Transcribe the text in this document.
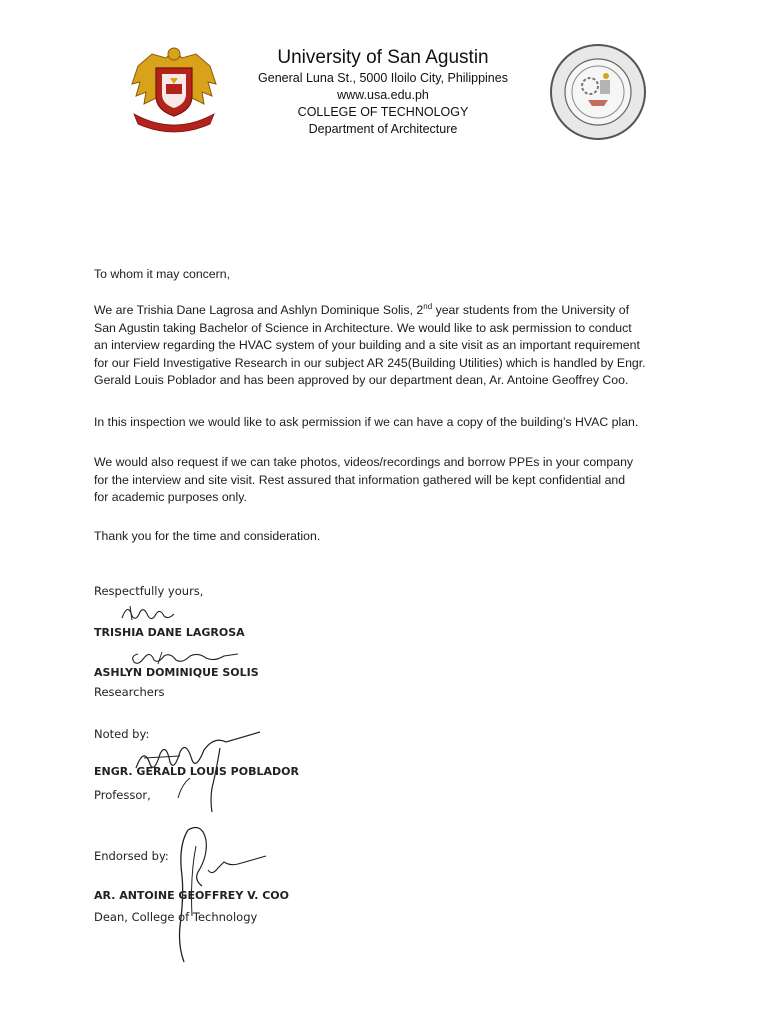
University of San Agustin
General Luna St., 5000 Iloilo City, Philippines
www.usa.edu.ph
COLLEGE OF TECHNOLOGY
Department of Architecture
To whom it may concern,
We are Trishia Dane Lagrosa and Ashlyn Dominique Solis, 2nd year students from the University of
San Agustin taking Bachelor of Science in Architecture. We would like to ask permission to conduct
an interview regarding the HVAC system of your building and a site visit as an important requirement
for our Field Investigative Research in our subject AR 245(Building Utilities) which is handled by Engr.
Gerald Louis Poblador and has been approved by our department dean, Ar. Antoine Geoffrey Coo.
In this inspection we would like to ask permission if we can have a copy of the building’s HVAC plan.
We would also request if we can take photos, videos/recordings and borrow PPEs in your company
for the interview and site visit. Rest assured that information gathered will be kept confidential and
for academic purposes only.
Thank you for the time and consideration.
Respectfully yours,
TRISHIA DANE LAGROSA
ASHLYN DOMINIQUE SOLIS
Researchers
Noted by:
ENGR. GERALD LOUIS POBLADOR
Professor,
Endorsed by:
AR. ANTOINE GEOFFREY V. COO
Dean, College of Technology
